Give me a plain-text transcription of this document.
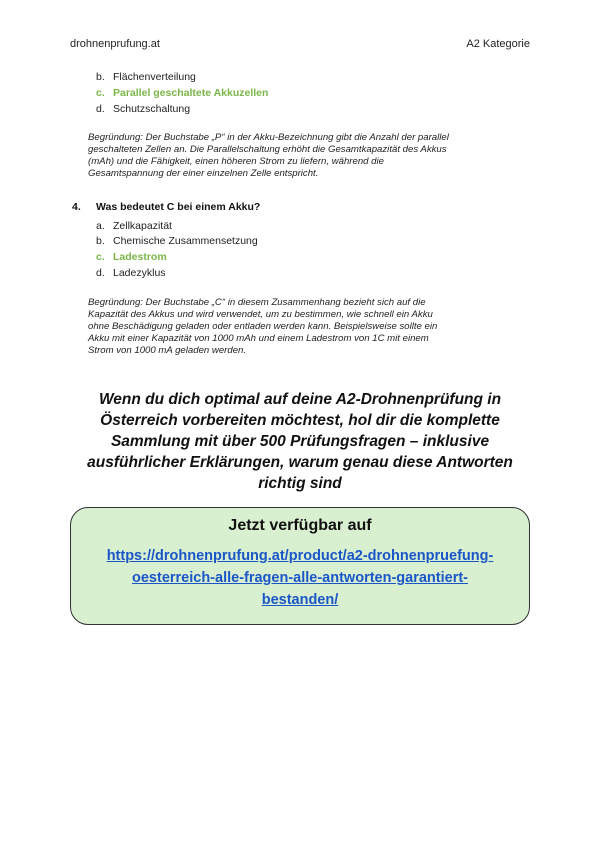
drohnenprufung.at	A2 Kategorie
b. Flächenverteilung
c. Parallel geschaltete Akkuzellen
d. Schutzschaltung
Begründung: Der Buchstabe „P“ in der Akku-Bezeichnung gibt die Anzahl der parallel
geschalteten Zellen an. Die Parallelschaltung erhöht die Gesamtkapazität des Akkus
(mAh) und die Fähigkeit, einen höheren Strom zu liefern, während die
Gesamtspannung der einer einzelnen Zelle entspricht.
4. Was bedeutet C bei einem Akku?
a. Zellkapazität
b. Chemische Zusammensetzung
c. Ladestrom
d. Ladezyklus
Begründung: Der Buchstabe „C“ in diesem Zusammenhang bezieht sich auf die
Kapazität des Akkus und wird verwendet, um zu bestimmen, wie schnell ein Akku
ohne Beschädigung geladen oder entladen werden kann. Beispielsweise sollte ein
Akku mit einer Kapazität von 1000 mAh und einem Ladestrom von 1C mit einem
Strom von 1000 mA geladen werden.
Wenn du dich optimal auf deine A2-Drohnenprüfung in
Österreich vorbereiten möchtest, hol dir die komplette
Sammlung mit über 500 Prüfungsfragen – inklusive
ausführlicher Erklärungen, warum genau diese Antworten
richtig sind
Jetzt verfügbar auf
https://drohnenprufung.at/product/a2-drohnenpruefung-
oesterreich-alle-fragen-alle-antworten-garantiert-
bestanden/
